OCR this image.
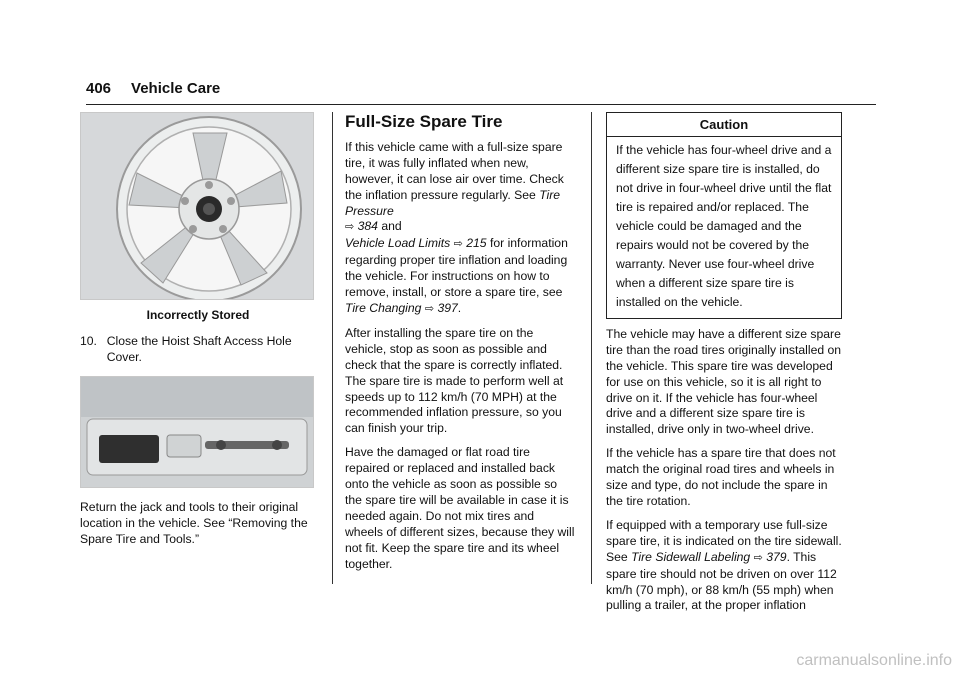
406 Vehicle Care
Incorrectly Stored
10. Close the Hoist Shaft Access Hole Cover.

Return the jack and tools to their original location in the vehicle. See “Removing the Spare Tire and Tools.”

Full-Size Spare Tire

If this vehicle came with a full-size spare tire, it was fully inflated when new, however, it can lose air over time. Check the inflation pressure regularly. See Tire Pressure
⇨ 384 and
Vehicle Load Limits ⇨ 215 for information regarding proper tire inflation and loading the vehicle. For instructions on how to remove, install, or store a spare tire, see Tire Changing ⇨ 397.

After installing the spare tire on the vehicle, stop as soon as possible and check that the spare is correctly inflated. The spare tire is made to perform well at speeds up to 112 km/h (70 MPH) at the recommended inflation pressure, so you can finish your trip.

Have the damaged or flat road tire repaired or replaced and installed back onto the vehicle as soon as possible so the spare tire will be available in case it is needed again. Do not mix tires and wheels of different sizes, because they will not fit. Keep the spare tire and its wheel together.

Caution
If the vehicle has four-wheel drive and a different size spare tire is installed, do not drive in four-wheel drive until the flat tire is repaired and/or replaced. The vehicle could be damaged and the repairs would not be covered by the warranty. Never use four-wheel drive when a different size spare tire is installed on the vehicle.

The vehicle may have a different size spare tire than the road tires originally installed on the vehicle. This spare tire was developed for use on this vehicle, so it is all right to drive on it. If the vehicle has four-wheel drive and a different size spare tire is installed, drive only in two-wheel drive.

If the vehicle has a spare tire that does not match the original road tires and wheels in size and type, do not include the spare in the tire rotation.

If equipped with a temporary use full-size spare tire, it is indicated on the tire sidewall. See Tire Sidewall Labeling ⇨ 379. This spare tire should not be driven on over 112 km/h (70 mph), or 88 km/h (55 mph) when pulling a trailer, at the proper inflation

carmanualsonline.info
